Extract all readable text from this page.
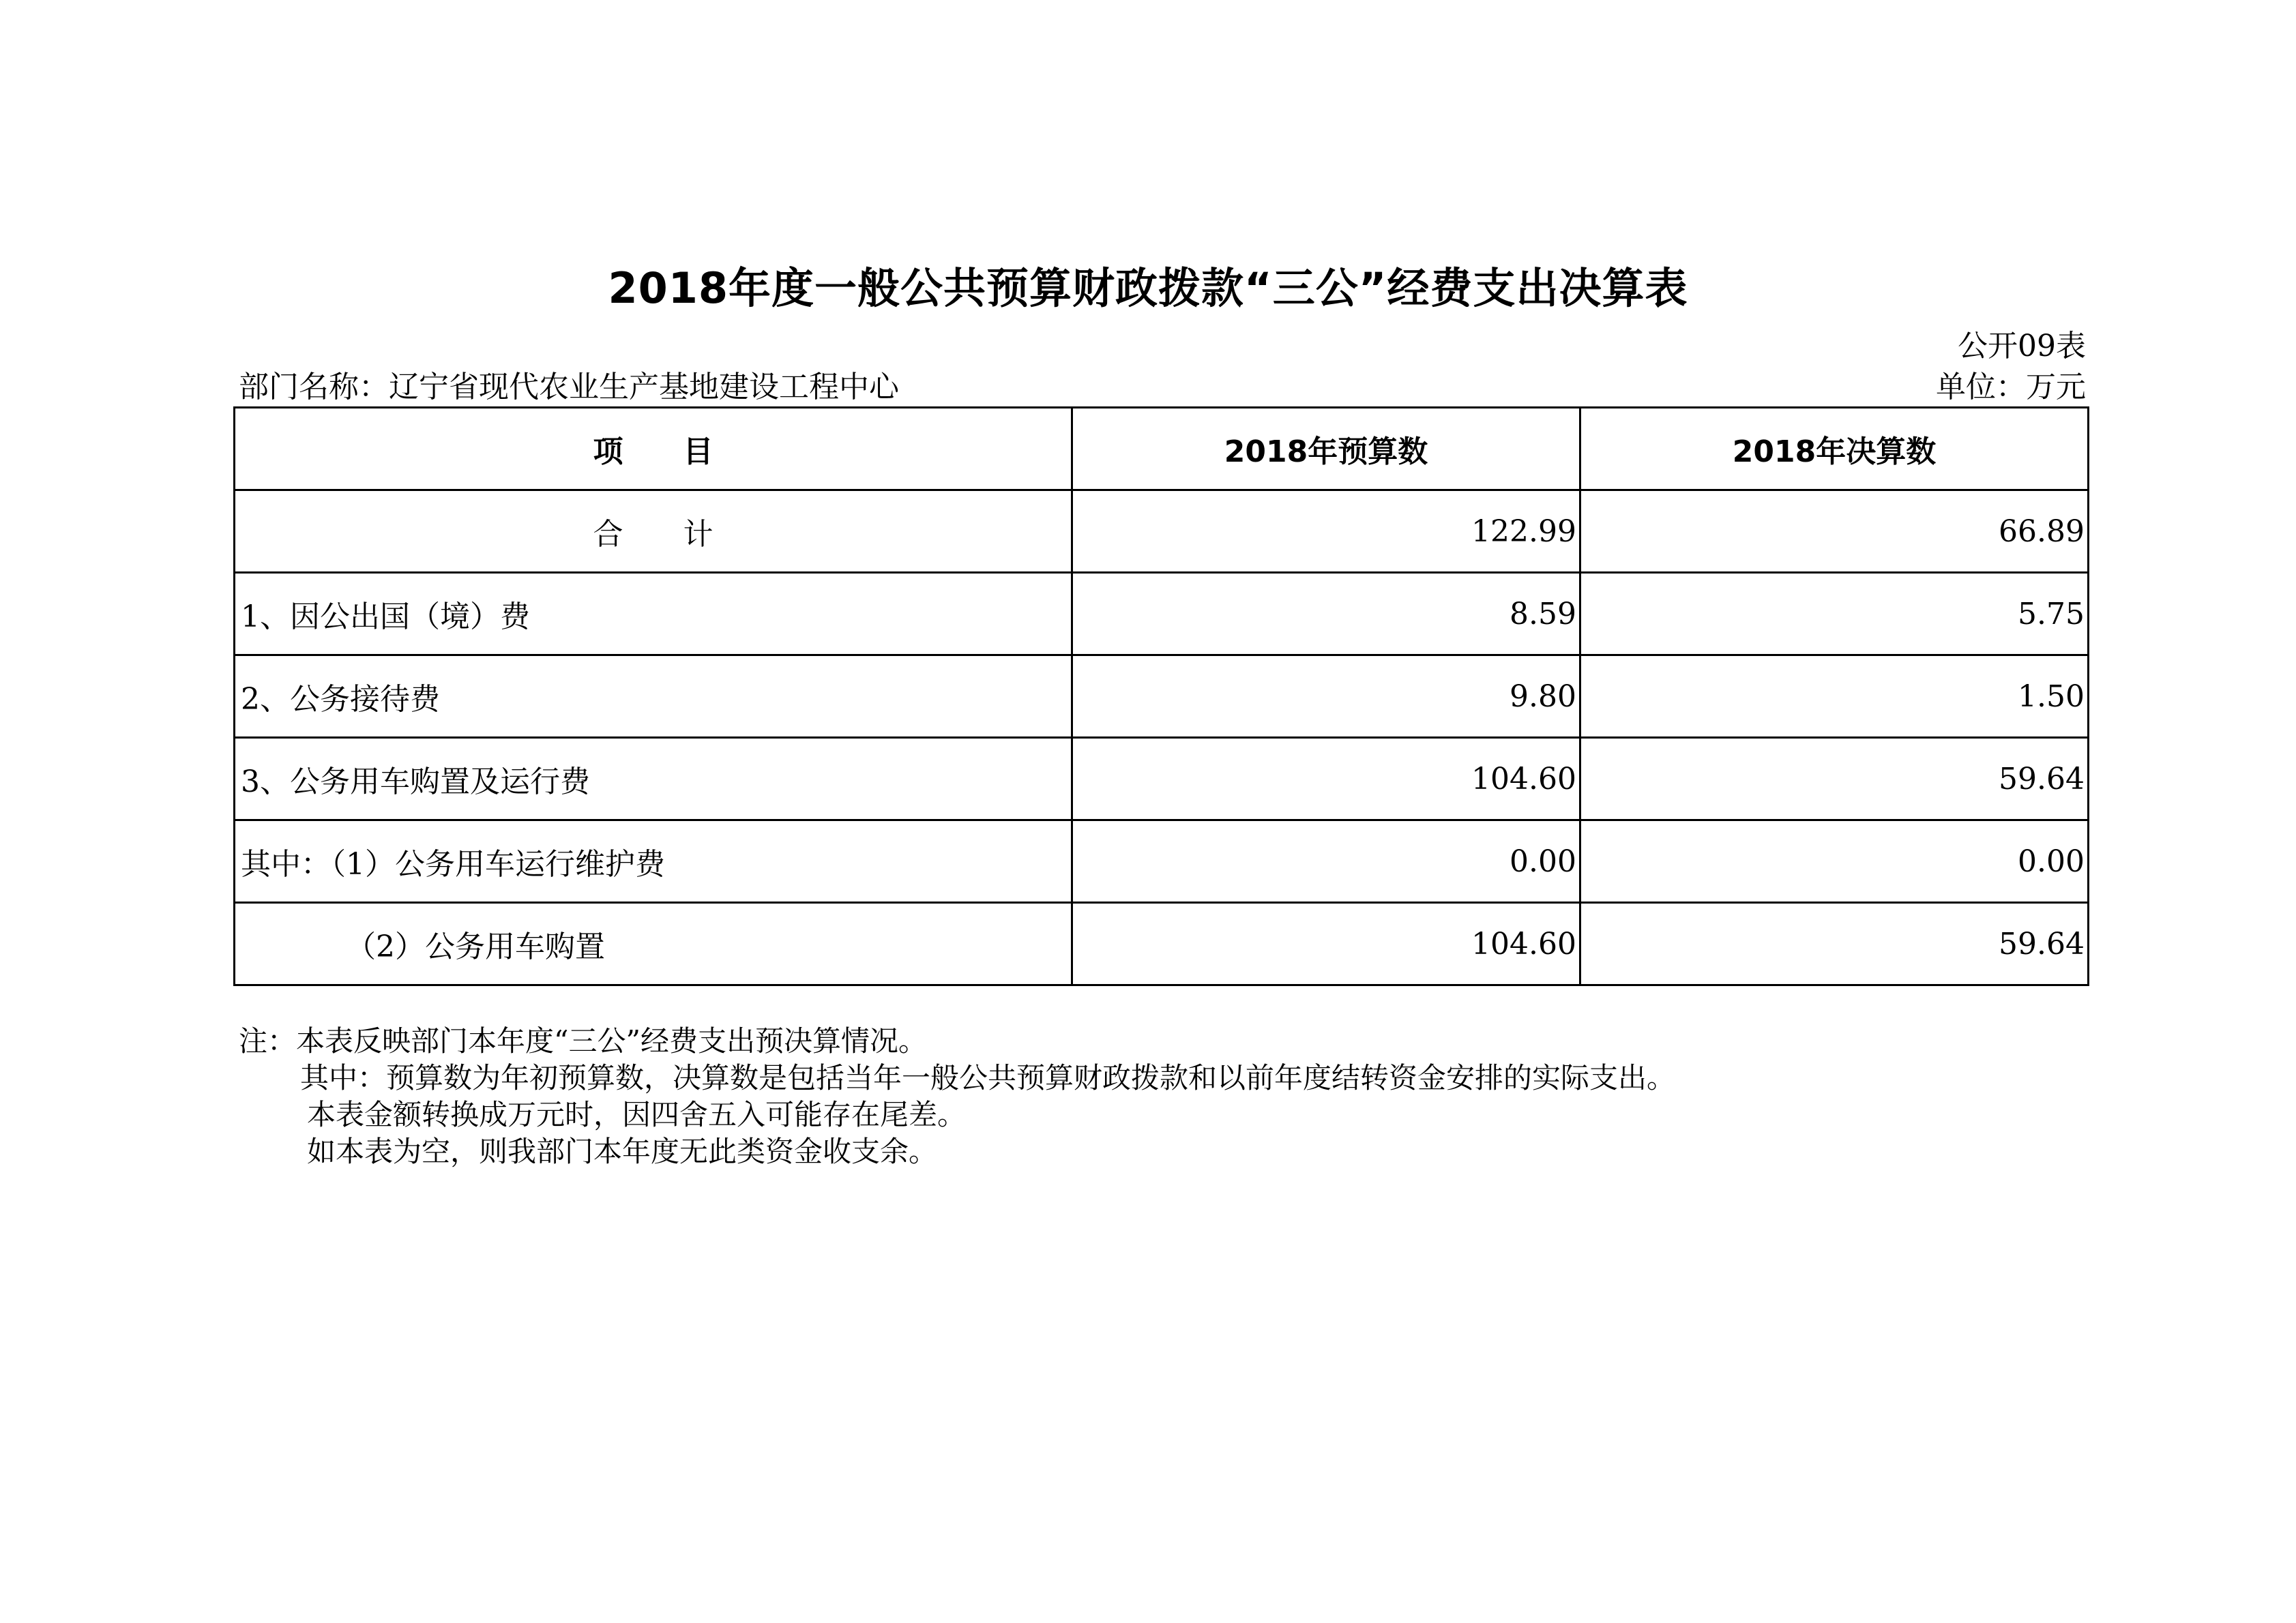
2018年度一般公共预算财政拨款“三公”经费支出决算表
公开09表
部门名称：辽宁省现代农业生产基地建设工程中心	单位：万元
项　　目	2018年预算数	2018年决算数
合　　计	122.99	66.89
1、因公出国（境）费	8.59	5.75
2、公务接待费	9.80	1.50
3、公务用车购置及运行费	104.60	59.64
其中：（1）公务用车运行维护费	0.00	0.00
（2）公务用车购置	104.60	59.64
注：本表反映部门本年度“三公”经费支出预决算情况。
其中：预算数为年初预算数，决算数是包括当年一般公共预算财政拨款和以前年度结转资金安排的实际支出。
本表金额转换成万元时，因四舍五入可能存在尾差。
如本表为空，则我部门本年度无此类资金收支余。
